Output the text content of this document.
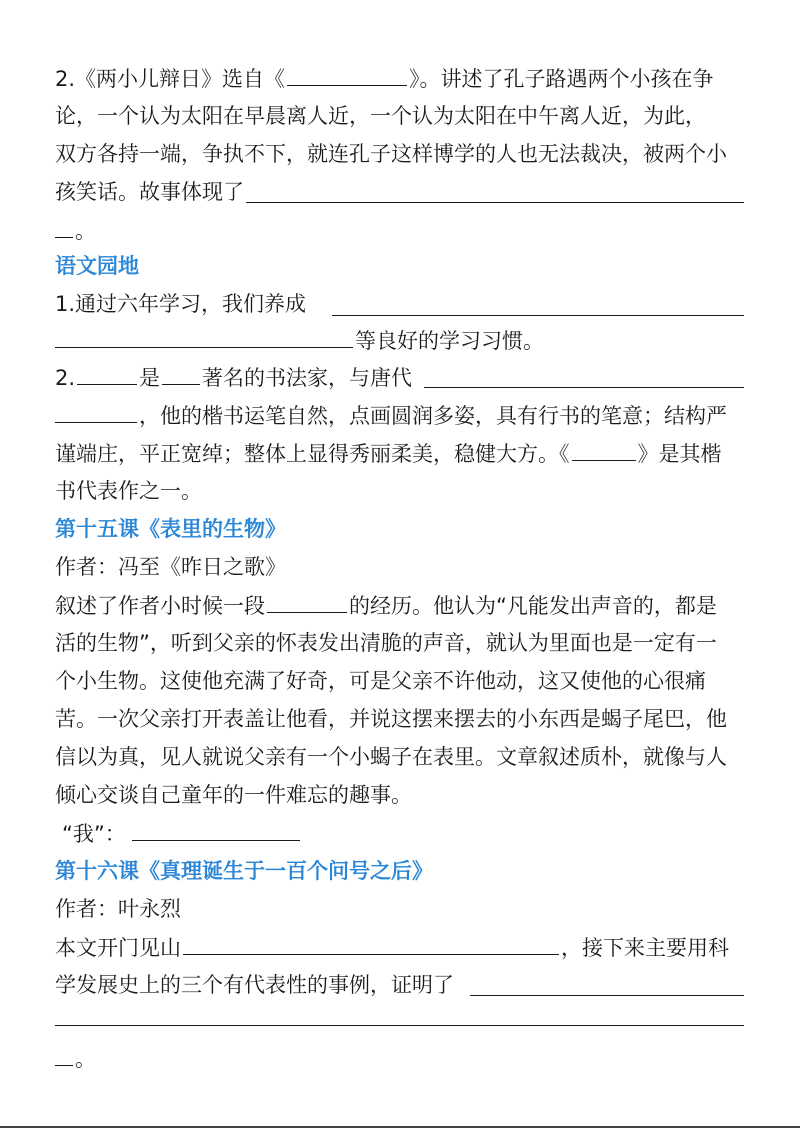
2.《两小儿辩日》选自《	》。讲述了孔子路遇两个小孩在争
论，一个认为太阳在早晨离人近，一个认为太阳在中午离人近，为此，
双方各持一端，争执不下，就连孔子这样博学的人也无法裁决，被两个小
孩笑话。故事体现了
。
语文园地
1.通过六年学习，我们养成
等良好的学习习惯。
2.	是 著名的书法家，与唐代
，他的楷书运笔自然，点画圆润多姿，具有行书的笔意；结构严
谨端庄，平正宽绰；整体上显得秀丽柔美，稳健大方。《	》是其楷
书代表作之一。
第十五课《表里的生物》
作者：冯至《昨日之歌》
叙述了作者小时候一段	的经历。他认为“凡能发出声音的，都是
活的生物”，听到父亲的怀表发出清脆的声音，就认为里面也是一定有一
个小生物。这使他充满了好奇，可是父亲不许他动，这又使他的心很痛
苦。一次父亲打开表盖让他看，并说这摆来摆去的小东西是蝎子尾巴，他
信以为真，见人就说父亲有一个小蝎子在表里。文章叙述质朴，就像与人
倾心交谈自己童年的一件难忘的趣事。
“我”：
第十六课《真理诞生于一百个问号之后》
作者：叶永烈
本文开门见山	，接下来主要用科
学发展史上的三个有代表性的事例，证明了
。
